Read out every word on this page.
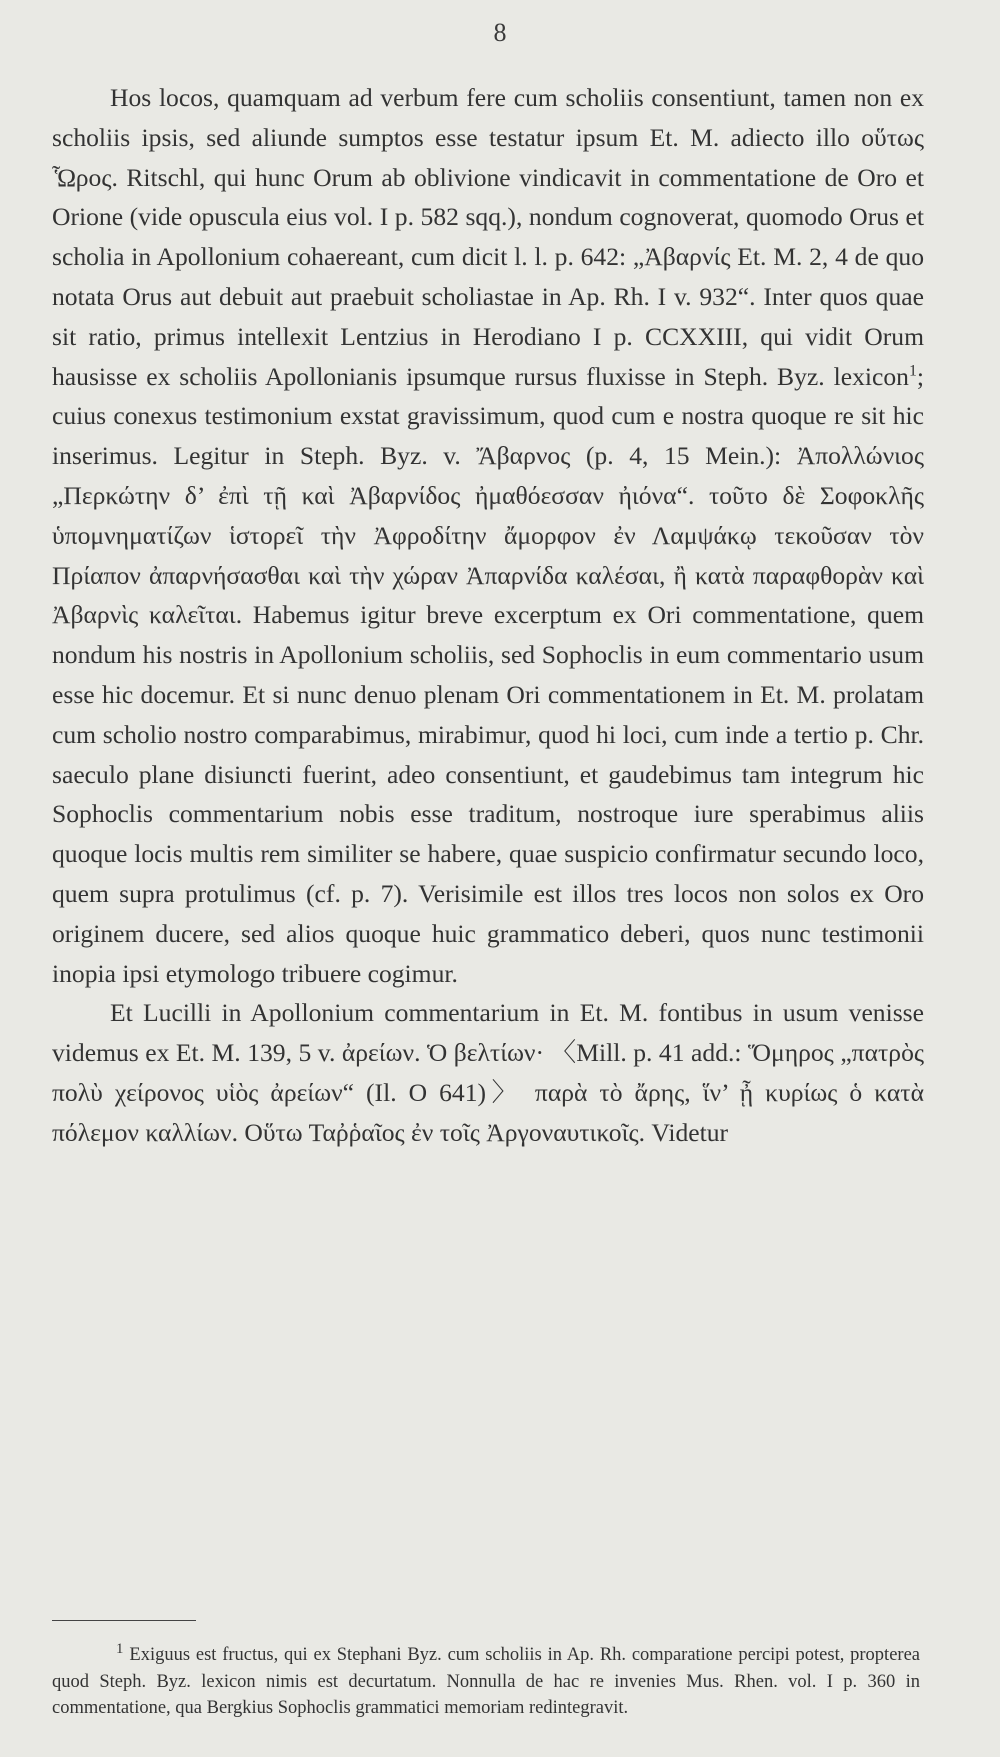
8

Hos locos, quamquam ad verbum fere cum scholiis consentiunt, tamen non ex scholiis ipsis, sed aliunde sumptos esse testatur ipsum Et. M. adiecto illo οὕτως Ὧρος. Ritschl, qui hunc Orum ab oblivione vindicavit in commentatione de Oro et Orione (vide opuscula eius vol. I p. 582 sqq.), nondum cognoverat, quomodo Orus et scholia in Apollonium cohaereant, cum dicit l. l. p. 642: „Ἀβαρνίς Et. M. 2, 4 de quo notata Orus aut debuit aut praebuit scholiastae in Ap. Rh. I v. 932“. Inter quos quae sit ratio, primus intellexit Lentzius in Herodiano I p. CCXXIII, qui vidit Orum hausisse ex scholiis Apollonianis ipsumque rursus fluxisse in Steph. Byz. lexicon$^1$; cuius conexus testimonium exstat gravissimum, quod cum e nostra quoque re sit hic inserimus. Legitur in Steph. Byz. v. Ἄβαρνος (p. 4, 15 Mein.): Ἀπολλώνιος „Περκώτην δ’ ἐπὶ τῇ καὶ Ἀβαρνίδος ἠμαθόεσσαν ἠιόνα“. τοῦτο δὲ Σοφοκλῆς ὑπομνηματίζων ἱστορεῖ τὴν Ἀφροδίτην ἄμορφον ἐν Λαμψάκῳ τεκοῦσαν τὸν Πρίαπον ἀπαρνήσασθαι καὶ τὴν χώραν Ἀπαρνίδα καλέσαι, ἢ κατὰ παραφθορὰν καὶ Ἀβαρνὶς καλεῖται. Habemus igitur breve excerptum ex Ori commentatione, quem nondum his nostris in Apollonium scholiis, sed Sophoclis in eum commentario usum esse hic docemur. Et si nunc denuo plenam Ori commentationem in Et. M. prolatam cum scholio nostro comparabimus, mirabimur, quod hi loci, cum inde a tertio p. Chr. saeculo plane disiuncti fuerint, adeo consentiunt, et gaudebimus tam integrum hic Sophoclis commentarium nobis esse traditum, nostroque iure sperabimus aliis quoque locis multis rem similiter se habere, quae suspicio confirmatur secundo loco, quem supra protulimus (cf. p. 7). Verisimile est illos tres locos non solos ex Oro originem ducere, sed alios quoque huic grammatico deberi, quos nunc testimonii inopia ipsi etymologo tribuere cogimur.

Et Lucilli in Apollonium commentarium in Et. M. fontibus in usum venisse videmus ex Et. M. 139, 5 v. ἀρείων. Ὁ βελτίων· 〈Mill. p. 41 add.: Ὅμηρος „πατρὸς πολὺ χείρονος υἱὸς ἀρείων“ (Il. Ο 641)〉 παρὰ τὸ ἄρης, ἵν’ ᾖ κυρίως ὁ κατὰ πόλεμον καλλίων. Οὕτω Ταῤῥαῖος ἐν τοῖς Ἀργοναυτικοῖς. Videtur

$^1$ Exiguus est fructus, qui ex Stephani Byz. cum scholiis in Ap. Rh. comparatione percipi potest, propterea quod Steph. Byz. lexicon nimis est decurtatum. Nonnulla de hac re invenies Mus. Rhen. vol. I p. 360 in commentatione, qua Bergkius Sophoclis grammatici memoriam redintegravit.
